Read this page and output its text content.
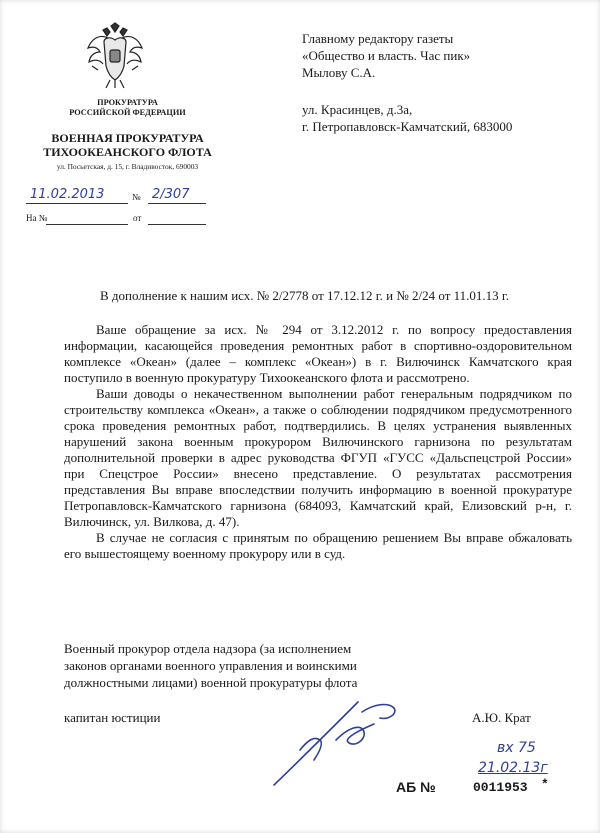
ПРОКУРАТУРА
РОССИЙСКОЙ ФЕДЕРАЦИИ
ВОЕННАЯ ПРОКУРАТУРА
ТИХООКЕАНСКОГО ФЛОТА
ул. Посьетская, д. 15, г. Владивосток, 690003
11.02.2013	№ 2/307
На №	от
Главному редактору газеты
«Общество и власть. Час пик»
Мылову С.А.
ул. Красинцев, д.3а,
г. Петропавловск-Камчатский, 683000
В дополнение к нашим исх. № 2/2778 от 17.12.12 г. и № 2/24 от 11.01.13 г.

Ваше обращение за исх. № 294 от 3.12.2012 г. по вопросу предоставления информации, касающейся проведения ремонтных работ в спортивно-оздоровительном комплексе «Океан» (далее – комплекс «Океан») в г. Вилючинск Камчатского края поступило в военную прокуратуру Тихоокеанского флота и рассмотрено.

Ваши доводы о некачественном выполнении работ генеральным подрядчиком по строительству комплекса «Океан», а также о соблюдении подрядчиком предусмотренного срока проведения ремонтных работ, подтвердились. В целях устранения выявленных нарушений закона военным прокурором Вилючинского гарнизона по результатам дополнительной проверки в адрес руководства ФГУП «ГУСС «Дальспецстрой России» при Спецстрое России» внесено представление. О результатах рассмотрения представления Вы вправе впоследствии получить информацию в военной прокуратуре Петропавловск-Камчатского гарнизона (684093, Камчатский край, Елизовский р-н, г. Вилючинск, ул. Вилкова, д. 47).

В случае не согласия с принятым по обращению решением Вы вправе обжаловать его вышестоящему военному прокурору или в суд.

Военный прокурор отдела надзора (за исполнением
законов органами военного управления и воинскими
должностными лицами) военной прокуратуры флота
капитан юстиции	А.Ю. Крат
вх 75
21.02.13г
АБ №	0011953 *
